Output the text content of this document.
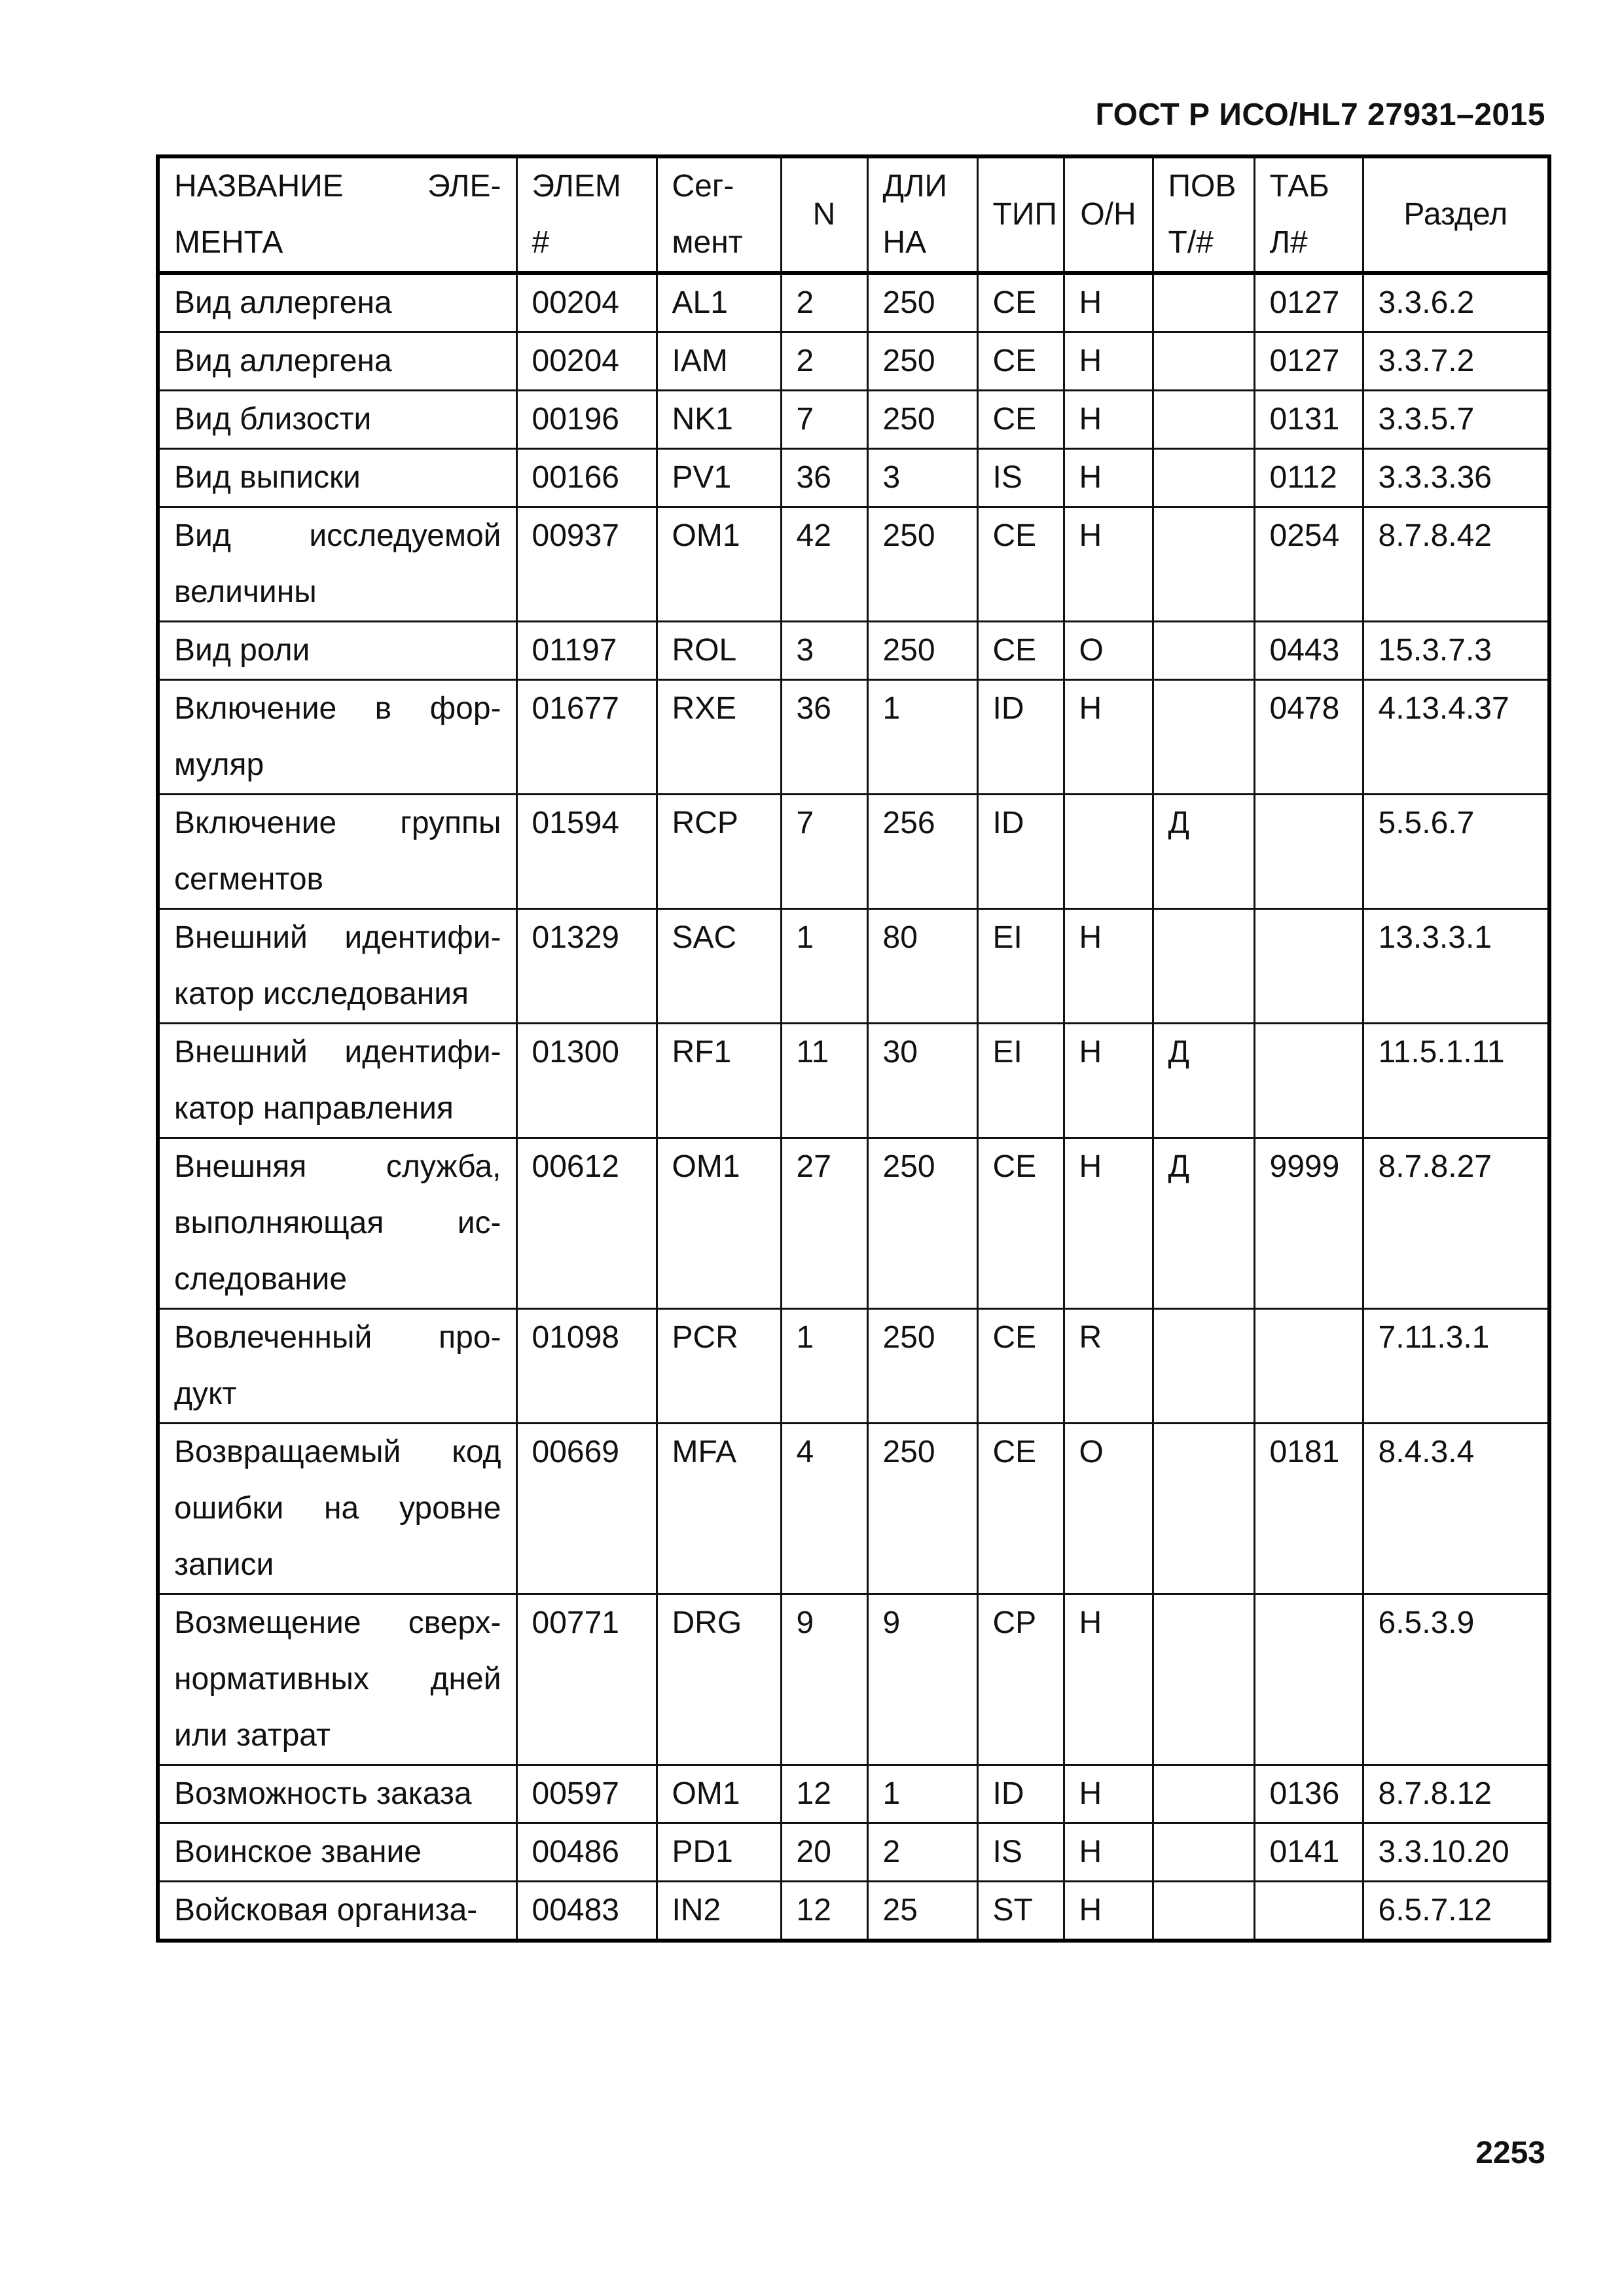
ГОСТ Р ИСО/HL7 27931–2015
НАЗВАНИЕ ЭЛЕ-МЕНТА	ЭЛЕМ #	Сег-мент	N	ДЛИ НА	ТИП	О/Н	ПОВ Т/#	ТАБ Л#	Раздел
Вид аллергена	00204	AL1	2	250	CE	Н		0127	3.3.6.2
Вид аллергена	00204	IAM	2	250	CE	Н		0127	3.3.7.2
Вид близости	00196	NK1	7	250	CE	Н		0131	3.3.5.7
Вид выписки	00166	PV1	36	3	IS	Н		0112	3.3.3.36
Вид исследуемой величины	00937	OM1	42	250	CE	Н		0254	8.7.8.42
Вид роли	01197	ROL	3	250	CE	О		0443	15.3.7.3
Включение в фор-муляр	01677	RXE	36	1	ID	Н		0478	4.13.4.37
Включение группы сегментов	01594	RCP	7	256	ID		Д		5.5.6.7
Внешний идентифи-катор исследования	01329	SAC	1	80	EI	Н			13.3.3.1
Внешний идентифи-катор направления	01300	RF1	11	30	EI	Н	Д		11.5.1.11
Внешняя служба, выполняющая ис-следование	00612	OM1	27	250	CE	Н	Д	9999	8.7.8.27
Вовлеченный про-дукт	01098	PCR	1	250	CE	R			7.11.3.1
Возвращаемый код ошибки на уровне записи	00669	MFA	4	250	CE	О		0181	8.4.3.4
Возмещение сверх-нормативных дней или затрат	00771	DRG	9	9	CP	Н			6.5.3.9
Возможность заказа	00597	OM1	12	1	ID	Н		0136	8.7.8.12
Воинское звание	00486	PD1	20	2	IS	Н		0141	3.3.10.20
Войсковая организа-	00483	IN2	12	25	ST	Н			6.5.7.12
2253
